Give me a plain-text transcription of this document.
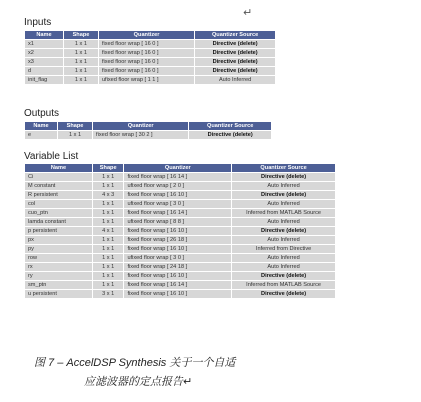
↵
Inputs
Name	Shape	Quantizer	Quantizer Source
x1	1 x 1	fixed floor wrap [ 16 0 ]	Directive (delete)
x2	1 x 1	fixed floor wrap [ 16 0 ]	Directive (delete)
x3	1 x 1	fixed floor wrap [ 16 0 ]	Directive (delete)
d	1 x 1	fixed floor wrap [ 16 0 ]	Directive (delete)
init_flag	1 x 1	ufixed floor wrap [ 1 1 ]	Auto Inferred
Outputs
Name	Shape	Quantizer	Quantizer Source
e	1 x 1	fixed floor wrap [ 30 2 ]	Directive (delete)
Variable List
Name	Shape	Quantizer	Quantizer Source
Ci	1 x 1	fixed floor wrap [ 16 14 ]	Directive (delete)
M constant	1 x 1	ufixed floor wrap [ 2 0 ]	Auto Inferred
R persistent	4 x 3	fixed floor wrap [ 16 10 ]	Directive (delete)
col	1 x 1	ufixed floor wrap [ 3 0 ]	Auto Inferred
cuo_ptn	1 x 1	fixed floor wrap [ 16 14 ]	Inferred from MATLAB Source
lamda constant	1 x 1	ufixed floor wrap [ 8 8 ]	Auto Inferred
p persistent	4 x 1	fixed floor wrap [ 16 10 ]	Directive (delete)
px	1 x 1	fixed floor wrap [ 26 18 ]	Auto Inferred
py	1 x 1	fixed floor wrap [ 16 10 ]	Inferred from Directive
row	1 x 1	ufixed floor wrap [ 3 0 ]	Auto Inferred
rx	1 x 1	fixed floor wrap [ 24 18 ]	Auto Inferred
ry	1 x 1	fixed floor wrap [ 16 10 ]	Directive (delete)
sm_ptn	1 x 1	fixed floor wrap [ 16 14 ]	Inferred from MATLAB Source
u persistent	3 x 1	fixed floor wrap [ 16 10 ]	Directive (delete)
图 7 – AccelDSP Synthesis 关于一个自适
应滤波器的定点报告↵
